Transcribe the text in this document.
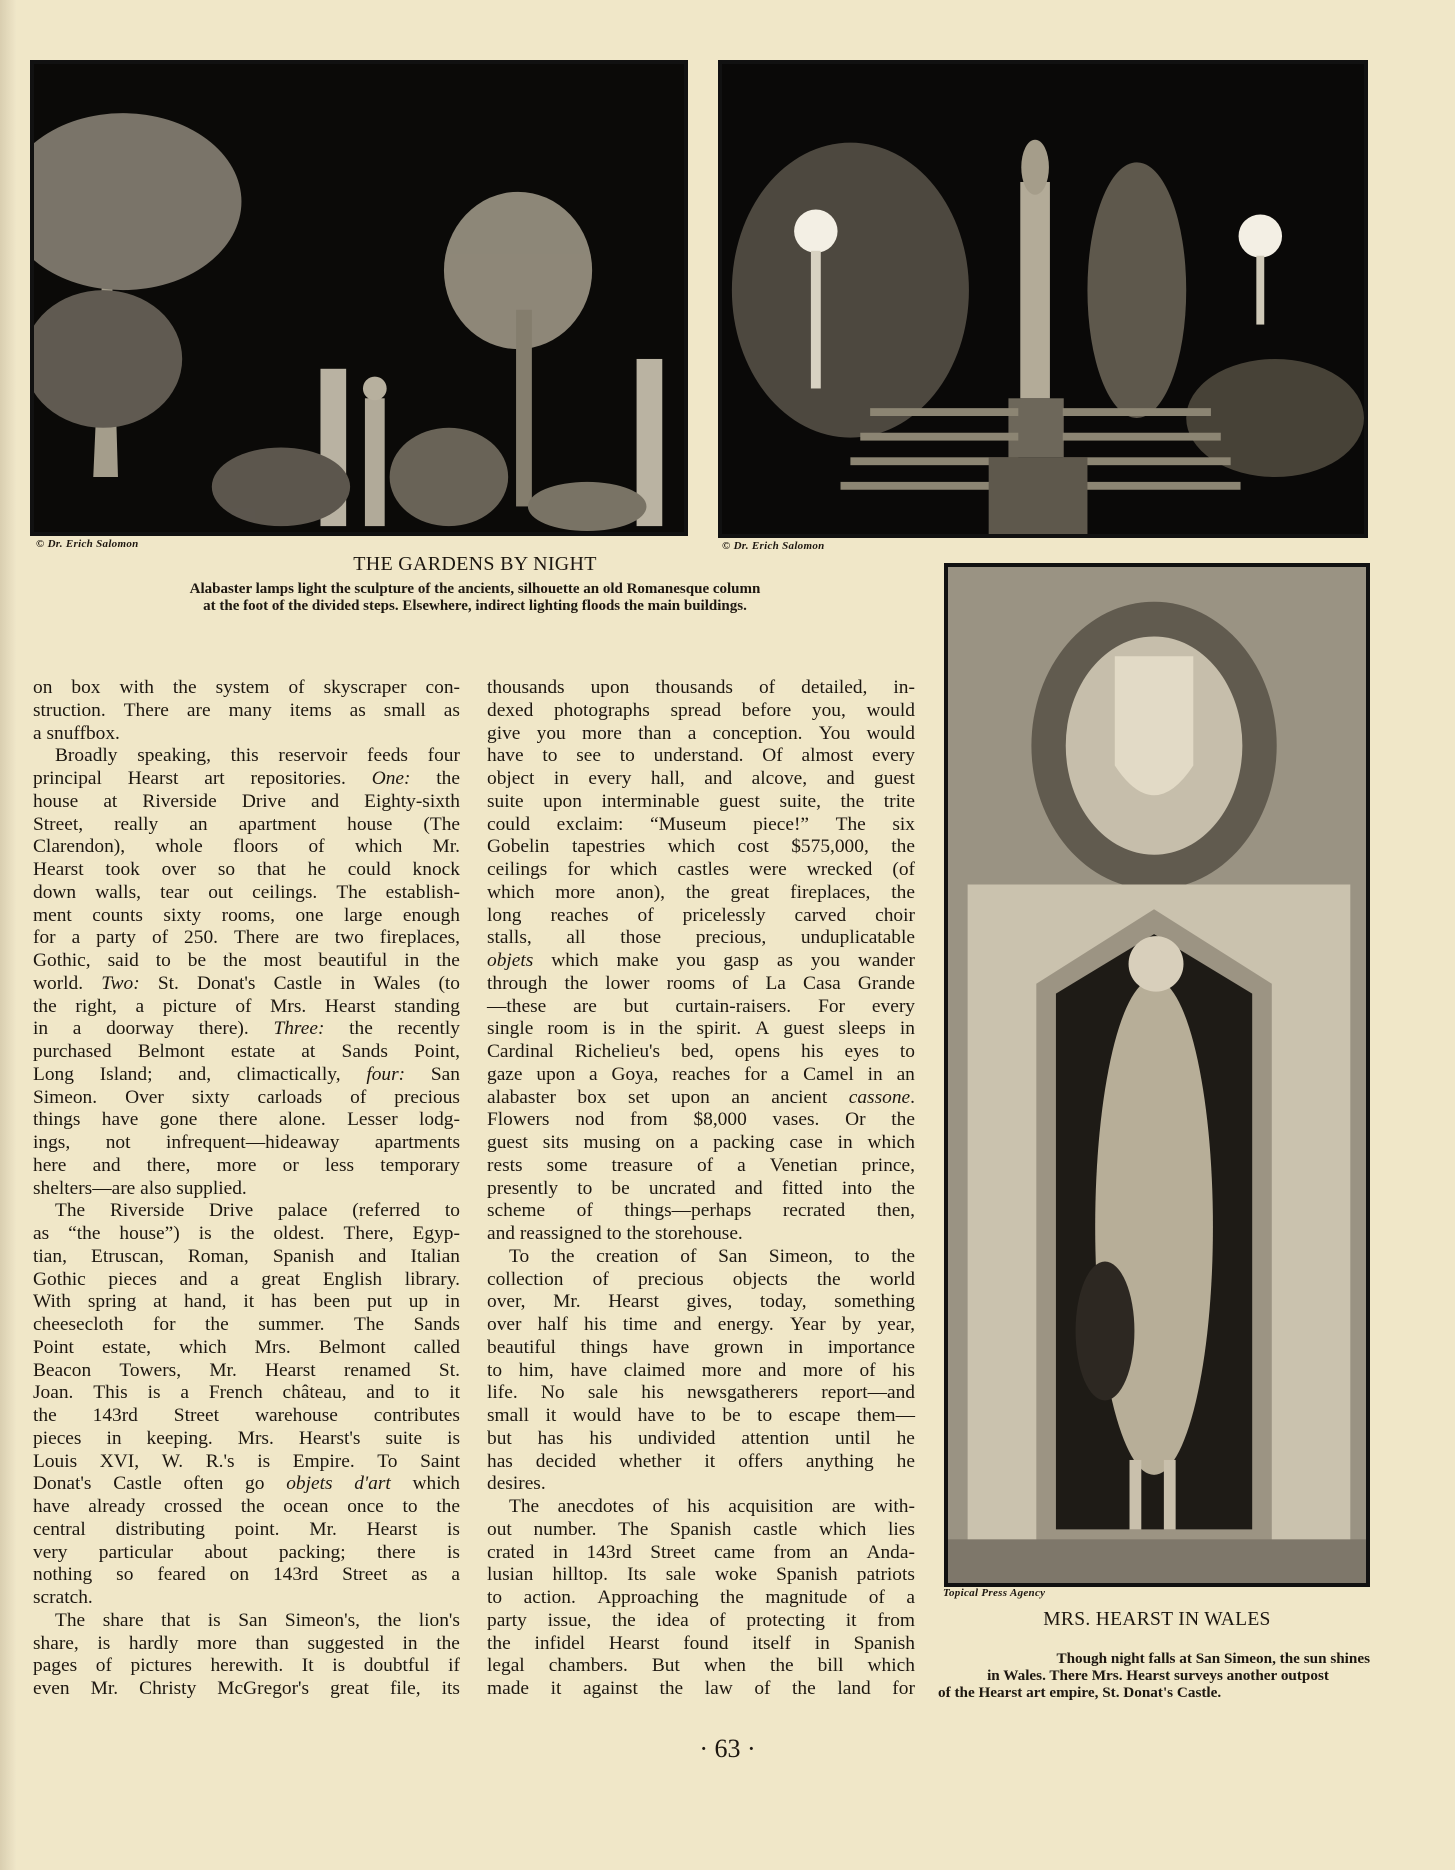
© Dr. Erich Salomon	© Dr. Erich Salomon
THE GARDENS BY NIGHT
Alabaster lamps light the sculpture of the ancients, silhouette an old Romanesque column
at the foot of the divided steps. Elsewhere, indirect lighting floods the main buildings.
Topical Press Agency
MRS. HEARST IN WALES
Though night falls at San Simeon, the sun shines
in Wales. There Mrs. Hearst surveys another outpost
of the Hearst art empire, St. Donat's Castle.
on box with the system of skyscraper con-
struction. There are many items as small as
a snuffbox.
Broadly speaking, this reservoir feeds four
principal Hearst art repositories. One: the
house at Riverside Drive and Eighty-sixth
Street, really an apartment house (The
Clarendon), whole floors of which Mr.
Hearst took over so that he could knock
down walls, tear out ceilings. The establish-
ment counts sixty rooms, one large enough
for a party of 250. There are two fireplaces,
Gothic, said to be the most beautiful in the
world. Two: St. Donat's Castle in Wales (to
the right, a picture of Mrs. Hearst standing
in a doorway there). Three: the recently
purchased Belmont estate at Sands Point,
Long Island; and, climactically, four: San
Simeon. Over sixty carloads of precious
things have gone there alone. Lesser lodg-
ings, not infrequent—hideaway apartments
here and there, more or less temporary
shelters—are also supplied.
The Riverside Drive palace (referred to
as “the house”) is the oldest. There, Egyp-
tian, Etruscan, Roman, Spanish and Italian
Gothic pieces and a great English library.
With spring at hand, it has been put up in
cheesecloth for the summer. The Sands
Point estate, which Mrs. Belmont called
Beacon Towers, Mr. Hearst renamed St.
Joan. This is a French château, and to it
the 143rd Street warehouse contributes
pieces in keeping. Mrs. Hearst's suite is
Louis XVI, W. R.'s is Empire. To Saint
Donat's Castle often go objets d'art which
have already crossed the ocean once to the
central distributing point. Mr. Hearst is
very particular about packing; there is
nothing so feared on 143rd Street as a
scratch.
The share that is San Simeon's, the lion's
share, is hardly more than suggested in the
pages of pictures herewith. It is doubtful if
even Mr. Christy McGregor's great file, its
thousands upon thousands of detailed, in-
dexed photographs spread before you, would
give you more than a conception. You would
have to see to understand. Of almost every
object in every hall, and alcove, and guest
suite upon interminable guest suite, the trite
could exclaim: “Museum piece!” The six
Gobelin tapestries which cost $575,000, the
ceilings for which castles were wrecked (of
which more anon), the great fireplaces, the
long reaches of pricelessly carved choir
stalls, all those precious, unduplicatable
objets which make you gasp as you wander
through the lower rooms of La Casa Grande
—these are but curtain-raisers. For every
single room is in the spirit. A guest sleeps in
Cardinal Richelieu's bed, opens his eyes to
gaze upon a Goya, reaches for a Camel in an
alabaster box set upon an ancient cassone.
Flowers nod from $8,000 vases. Or the
guest sits musing on a packing case in which
rests some treasure of a Venetian prince,
presently to be uncrated and fitted into the
scheme of things—perhaps recrated then,
and reassigned to the storehouse.
To the creation of San Simeon, to the
collection of precious objects the world
over, Mr. Hearst gives, today, something
over half his time and energy. Year by year,
beautiful things have grown in importance
to him, have claimed more and more of his
life. No sale his newsgatherers report—and
small it would have to be to escape them—
but has his undivided attention until he
has decided whether it offers anything he
desires.
The anecdotes of his acquisition are with-
out number. The Spanish castle which lies
crated in 143rd Street came from an Anda-
lusian hilltop. Its sale woke Spanish patriots
to action. Approaching the magnitude of a
party issue, the idea of protecting it from
the infidel Hearst found itself in Spanish
legal chambers. But when the bill which
made it against the law of the land for
· 63 ·
